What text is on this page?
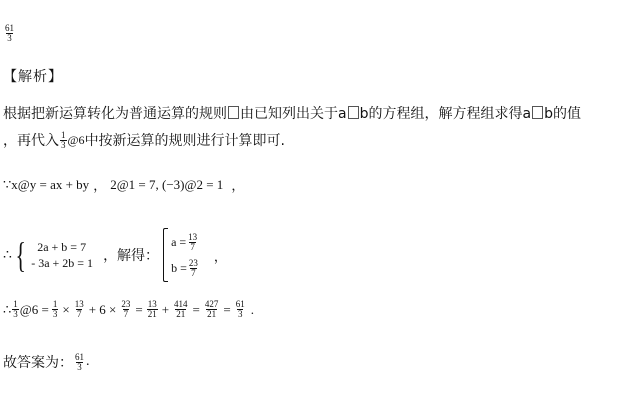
$\frac{61}{3}$
【解析】
根据把新运算转化为普通运算的规则 由已知列出关于a b的方程组，解方程组求得a b的值
，再代入 $\frac{1}{3}$ @6 中按新运算的规则进行计算即可.
∵x@y = ax + by ， 2@1 = 7, (−3)@2 = 1 ，
∴ { 2a + b = 7
- 3a + 2b = 1 ，解得：
$a = \frac{13}{7}$
$b = \frac{23}{7}$
，
∴ $\frac{1}{3}$ @6 = $\frac{1}{3} \times \frac{13}{7} + 6 \times \frac{23}{7} = \frac{13}{21} + \frac{414}{21} = \frac{427}{21} = \frac{61}{3}$ .
故答案为： $\frac{61}{3}$ .
